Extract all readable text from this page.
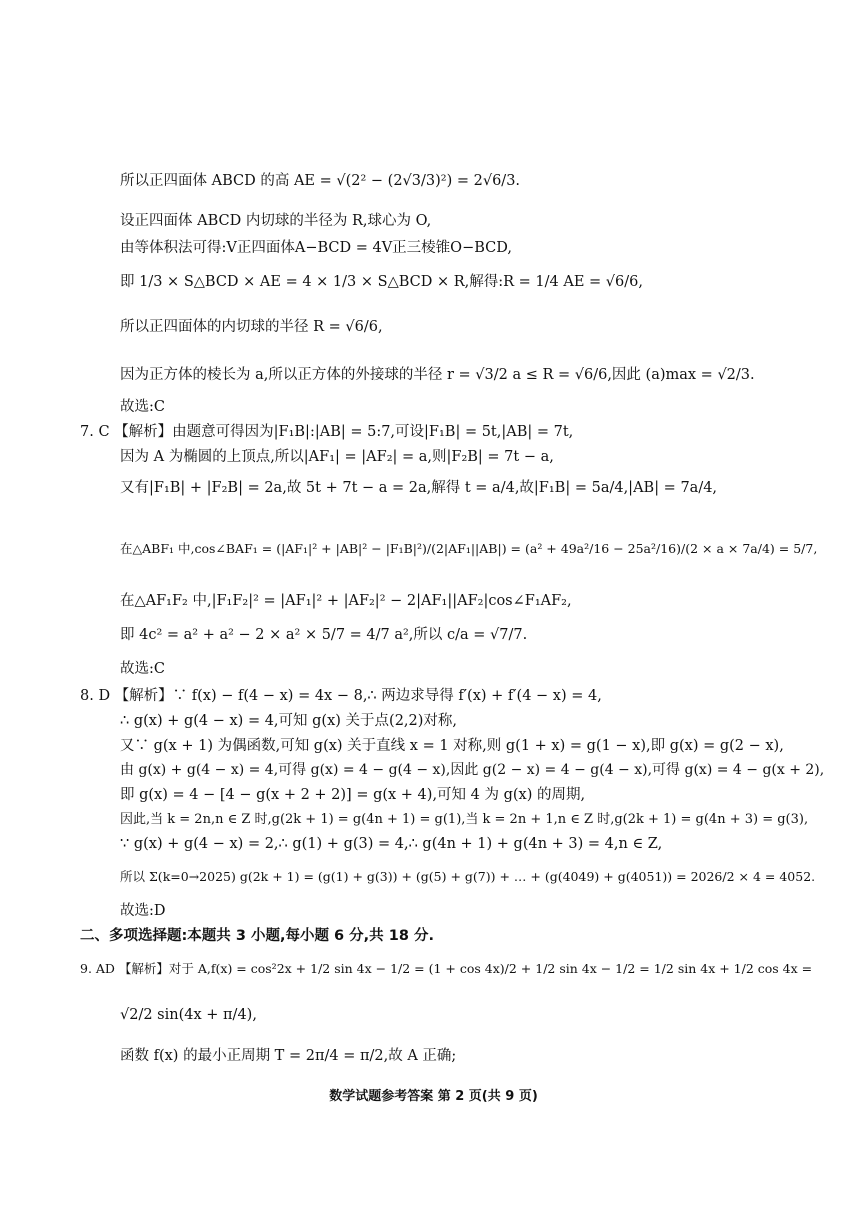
所以正四面体 ABCD 的高 AE = √(2² − (2√3/3)²) = 2√6/3.
设正四面体 ABCD 内切球的半径为 R,球心为 O,
由等体积法可得:V正四面体A−BCD = 4V正三棱锥O−BCD,
即 1/3 × S△BCD × AE = 4 × 1/3 × S△BCD × R,解得:R = 1/4 AE = √6/6,
所以正四面体的内切球的半径 R = √6/6,
因为正方体的棱长为 a,所以正方体的外接球的半径 r = √3/2 a ≤ R = √6/6,因此 (a)max = √2/3.
故选:C
7. C 【解析】由题意可得因为|F₁B|:|AB| = 5:7,可设|F₁B| = 5t,|AB| = 7t,
因为 A 为椭圆的上顶点,所以|AF₁| = |AF₂| = a,则|F₂B| = 7t − a,
又有|F₁B| + |F₂B| = 2a,故 5t + 7t − a = 2a,解得 t = a/4,故|F₁B| = 5a/4,|AB| = 7a/4,
在△ABF₁ 中,cos∠BAF₁ = (|AF₁|² + |AB|² − |F₁B|²)/(2|AF₁||AB|) = (a² + 49a²/16 − 25a²/16)/(2 × a × 7a/4) = 5/7,
在△AF₁F₂ 中,|F₁F₂|² = |AF₁|² + |AF₂|² − 2|AF₁||AF₂|cos∠F₁AF₂,
即 4c² = a² + a² − 2 × a² × 5/7 = 4/7 a²,所以 c/a = √7/7.
故选:C
8. D 【解析】∵ f(x) − f(4 − x) = 4x − 8,∴ 两边求导得 f′(x) + f′(4 − x) = 4,
∴ g(x) + g(4 − x) = 4,可知 g(x) 关于点(2,2)对称,
又∵ g(x + 1) 为偶函数,可知 g(x) 关于直线 x = 1 对称,则 g(1 + x) = g(1 − x),即 g(x) = g(2 − x),
由 g(x) + g(4 − x) = 4,可得 g(x) = 4 − g(4 − x),因此 g(2 − x) = 4 − g(4 − x),可得 g(x) = 4 − g(x + 2),
即 g(x) = 4 − [4 − g(x + 2 + 2)] = g(x + 4),可知 4 为 g(x) 的周期,
因此,当 k = 2n,n ∈ Z 时,g(2k + 1) = g(4n + 1) = g(1),当 k = 2n + 1,n ∈ Z 时,g(2k + 1) = g(4n + 3) = g(3),
∵ g(x) + g(4 − x) = 2,∴ g(1) + g(3) = 4,∴ g(4n + 1) + g(4n + 3) = 4,n ∈ Z,
所以 Σ(k=0→2025) g(2k + 1) = (g(1) + g(3)) + (g(5) + g(7)) + … + (g(4049) + g(4051)) = 2026/2 × 4 = 4052.
故选:D
二、多项选择题:本题共 3 小题,每小题 6 分,共 18 分.
9. AD 【解析】对于 A,f(x) = cos²2x + 1/2 sin 4x − 1/2 = (1 + cos 4x)/2 + 1/2 sin 4x − 1/2 = 1/2 sin 4x + 1/2 cos 4x =
√2/2 sin(4x + π/4),
函数 f(x) 的最小正周期 T = 2π/4 = π/2,故 A 正确;
数学试题参考答案 第 2 页(共 9 页)
